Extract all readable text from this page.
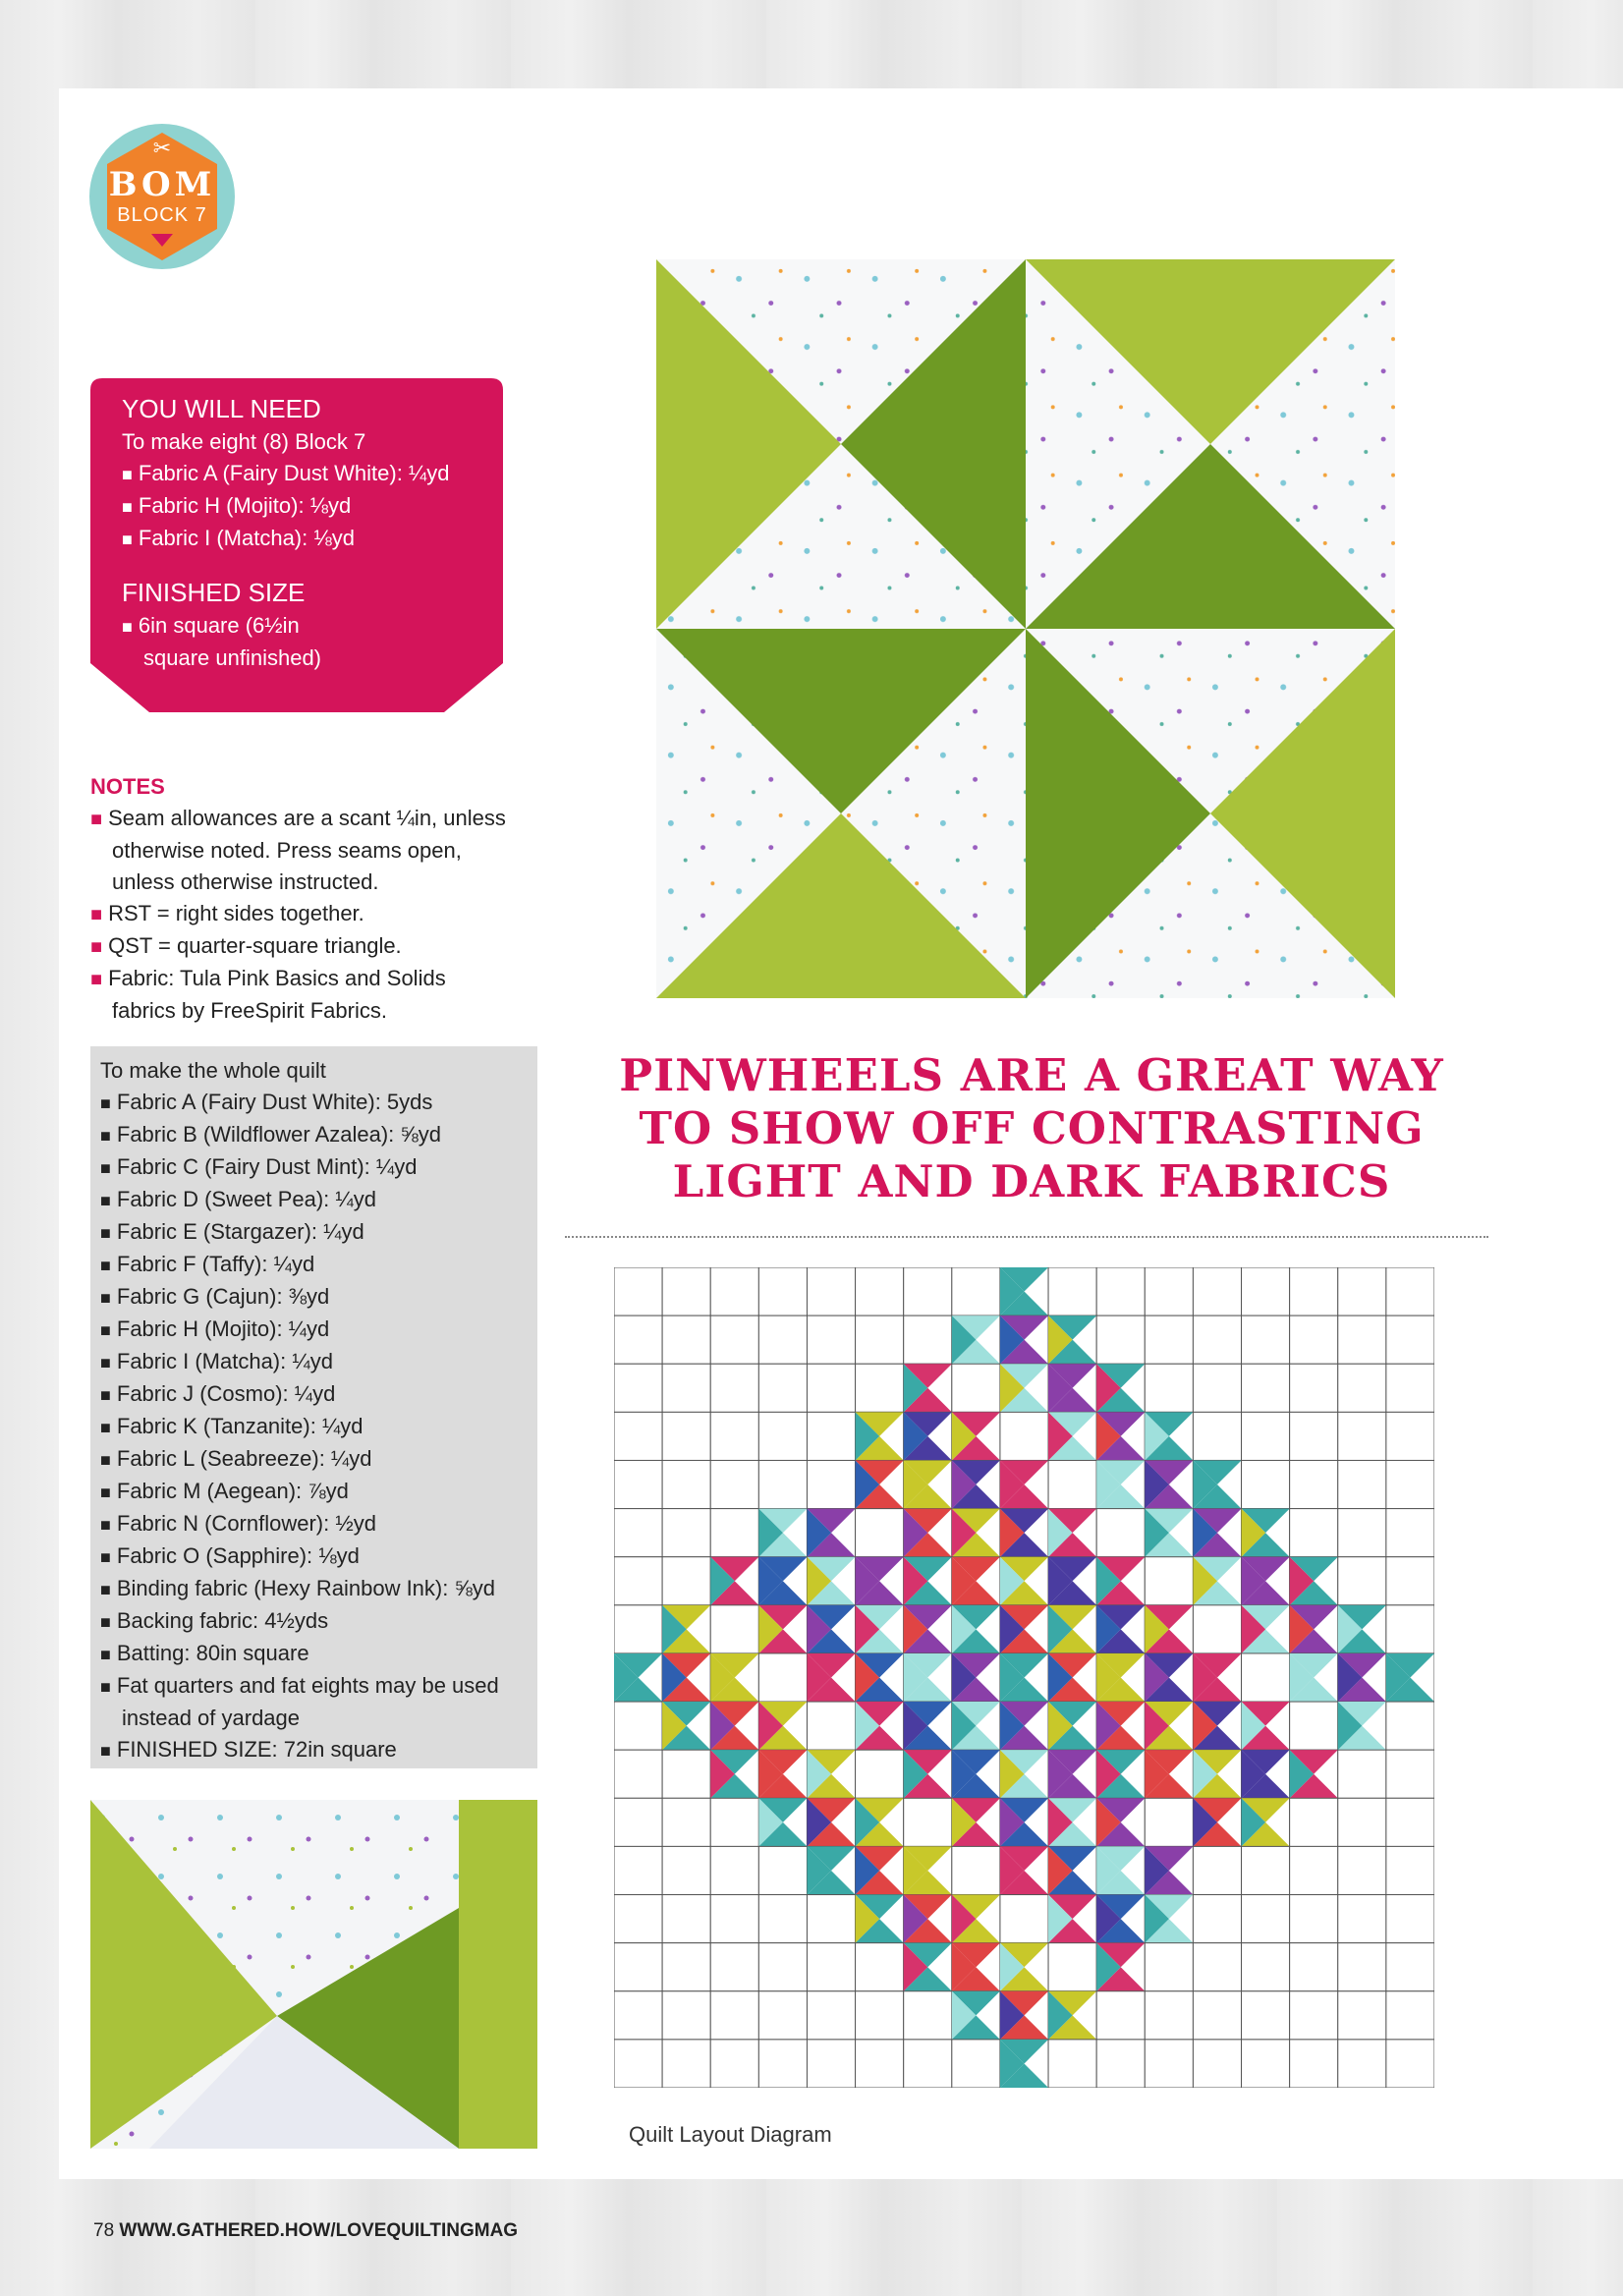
✂
BOM
BLOCK 7
YOU WILL NEED
To make eight (8) Block 7
■ Fabric A (Fairy Dust White): ¼yd
■ Fabric H (Mojito): ⅛yd
■ Fabric I (Matcha): ⅛yd
FINISHED SIZE
■ 6in square (6½in
square unfinished)
NOTES
■ Seam allowances are a scant ¼in, unless
otherwise noted. Press seams open,
unless otherwise instructed.
■ RST = right sides together.
■ QST = quarter-square triangle.
■ Fabric: Tula Pink Basics and Solids
fabrics by FreeSpirit Fabrics.
To make the whole quilt
■ Fabric A (Fairy Dust White): 5yds
■ Fabric B (Wildflower Azalea): ⅝yd
■ Fabric C (Fairy Dust Mint): ¼yd
■ Fabric D (Sweet Pea): ¼yd
■ Fabric E (Stargazer): ¼yd
■ Fabric F (Taffy): ¼yd
■ Fabric G (Cajun): ⅜yd
■ Fabric H (Mojito): ¼yd
■ Fabric I (Matcha): ¼yd
■ Fabric J (Cosmo): ¼yd
■ Fabric K (Tanzanite): ¼yd
■ Fabric L (Seabreeze): ¼yd
■ Fabric M (Aegean): ⅞yd
■ Fabric N (Cornflower): ½yd
■ Fabric O (Sapphire): ⅛yd
■ Binding fabric (Hexy Rainbow Ink): ⅝yd
■ Backing fabric: 4½yds
■ Batting: 80in square
■ Fat quarters and fat eights may be used
instead of yardage
■ FINISHED SIZE: 72in square
PINWHEELS ARE A GREAT WAY
TO SHOW OFF CONTRASTING
LIGHT AND DARK FABRICS
Quilt Layout Diagram
78 WWW.GATHERED.HOW/LOVEQUILTINGMAG
